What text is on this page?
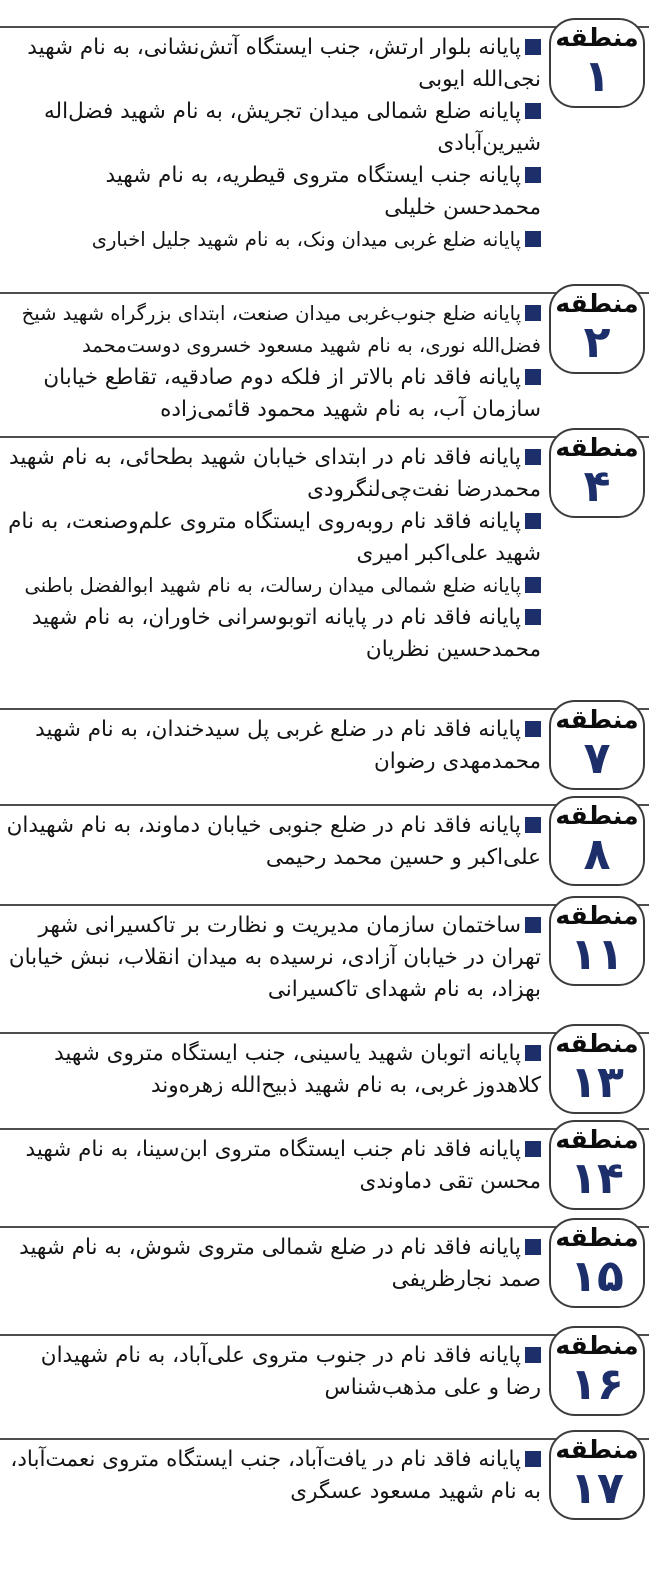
منطقه
۱
پایانه بلوار ارتش، جنب ایستگاه آتش‌نشانی، به نام شهید نجی‌الله ایوبی
پایانه ضلع شمالی میدان تجریش، به نام شهید فضل‌اله شیرین‌آبادی
پایانه جنب ایستگاه متروی قیطریه، به نام شهید محمدحسن خلیلی
پایانه ضلع غربی میدان ونک، به نام شهید جلیل اخباری
منطقه
۲
پایانه ضلع جنوب‌غربی میدان صنعت، ابتدای بزرگراه شهید شیخ فضل‌الله نوری، به نام شهید مسعود خسروی دوست‌محمد
پایانه فاقد نام بالاتر از فلکه دوم صادقیه، تقاطع خیابان سازمان آب، به نام شهید محمود قائمی‌زاده
منطقه
۴
پایانه فاقد نام در ابتدای خیابان شهید بطحائی، به نام شهید محمدرضا نفت‌چی‌لنگرودی
پایانه فاقد نام روبه‌روی ایستگاه متروی علم‌وصنعت، به نام شهید علی‌اکبر امیری
پایانه ضلع شمالی میدان رسالت، به نام شهید ابوالفضل باطنی
پایانه فاقد نام در پایانه اتوبوسرانی خاوران، به نام شهید محمدحسین نظریان
منطقه
۷
پایانه فاقد نام در ضلع غربی پل سیدخندان، به نام شهید محمدمهدی رضوان
منطقه
۸
پایانه فاقد نام در ضلع جنوبی خیابان دماوند، به نام شهیدان علی‌اکبر و حسین محمد رحیمی
منطقه
۱۱
ساختمان سازمان مدیریت و نظارت بر تاکسیرانی شهر تهران در خیابان آزادی، نرسیده به میدان انقلاب، نبش خیابان بهزاد، به نام شهدای تاکسیرانی
منطقه
۱۳
پایانه اتوبان شهید یاسینی، جنب ایستگاه متروی شهید کلاهدوز غربی، به نام شهید ذبیح‌الله زهره‌وند
منطقه
۱۴
پایانه فاقد نام جنب ایستگاه متروی ابن‌سینا، به نام شهید محسن تقی دماوندی
منطقه
۱۵
پایانه فاقد نام در ضلع شمالی متروی شوش، به نام شهید صمد نجارظریفی
منطقه
۱۶
پایانه فاقد نام در جنوب متروی علی‌آباد، به نام شهیدان رضا و علی مذهب‌شناس
منطقه
۱۷
پایانه فاقد نام در یافت‌آباد، جنب ایستگاه متروی نعمت‌آباد، به نام شهید مسعود عسگری
